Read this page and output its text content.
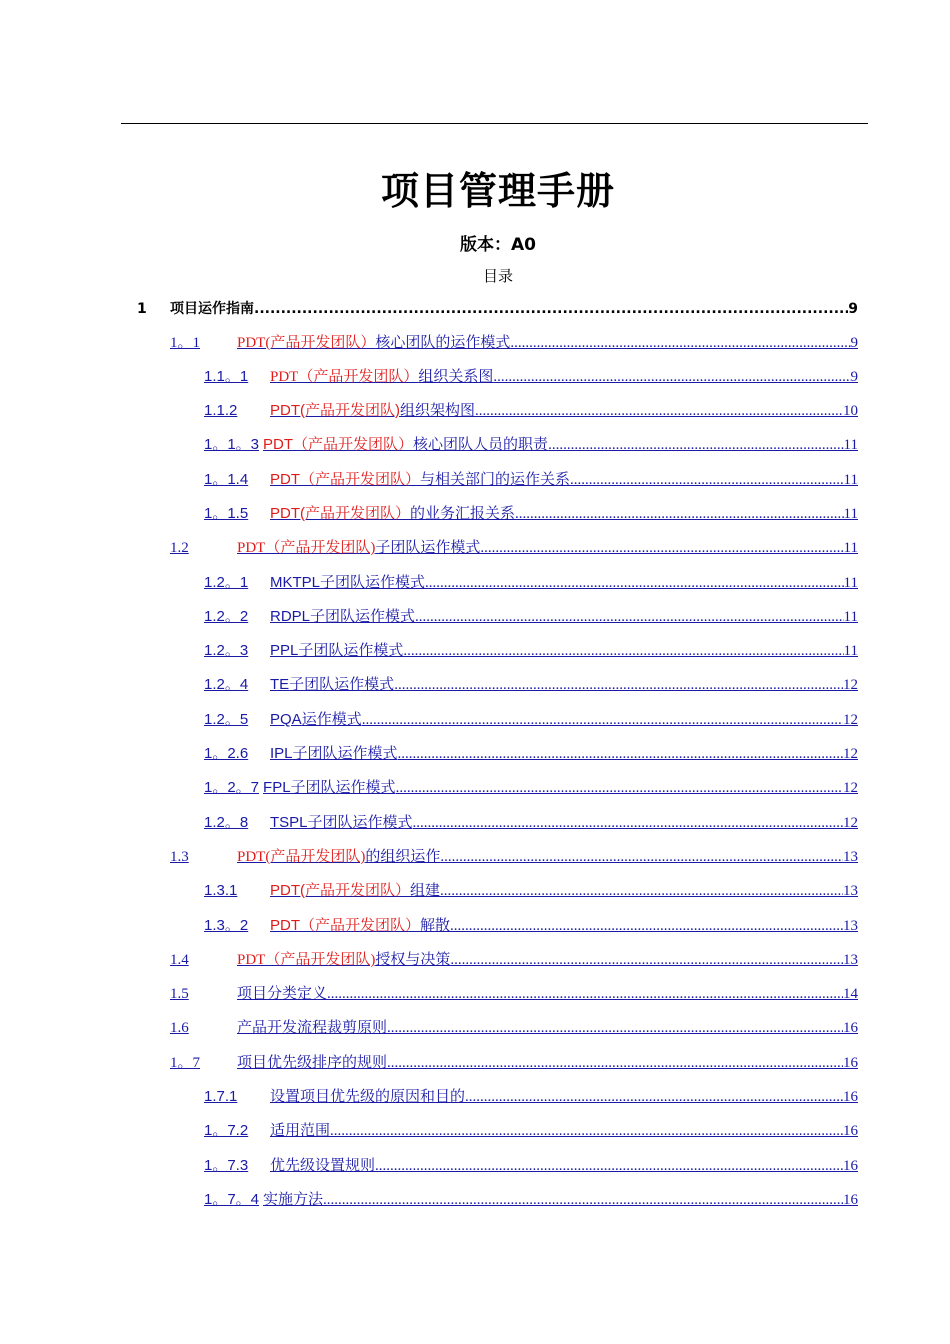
项目管理手册
版本：A0
目录
1	项目运作指南 .....	9
1。1	PDT(产品开发团队） 核心团队的运作模式 .....	9
1.1。1	PDT（产品开发团队） 组织关系图 .....	9
1.1.2	PDT(产品开发团队) 组织架构图 .....	10
1。1。3 PDT（产品开发团队） 核心团队人员的职责 .....	11
1。1.4	PDT（产品开发团队） 与相关部门的运作关系 .....	11
1。1.5	PDT(产品开发团队） 的业务汇报关系 .....	11
1.2	PDT（产品开发团队) 子团队运作模式 .....	11
1.2。1	MKTPL 子团队运作模式 .....	11
1.2。2	RDPL 子团队运作模式 .....	11
1.2。3	PPL 子团队运作模式 .....	11
1.2。4	TE 子团队运作模式 .....	12
1.2。5	PQA 运作模式 .....	12
1。2.6	IPL 子团队运作模式 .....	12
1。2。7 FPL 子团队运作模式 .....	12
1.2。8	TSPL 子团队运作模式 .....	12
1.3	PDT(产品开发团队) 的组织运作 .....	13
1.3.1	PDT(产品开发团队） 组建 .....	13
1.3。2	PDT（产品开发团队） 解散 .....	13
1.4	PDT（产品开发团队) 授权与决策 .....	13
1.5	项目分类定义 .....	14
1.6	产品开发流程裁剪原则 .....	16
1。7	项目优先级排序的规则 .....	16
1.7.1	设置项目优先级的原因和目的 .....	16
1。7.2	适用范围 .....	16
1。7.3	优先级设置规则 .....	16
1。7。4 实施方法 .....	16
